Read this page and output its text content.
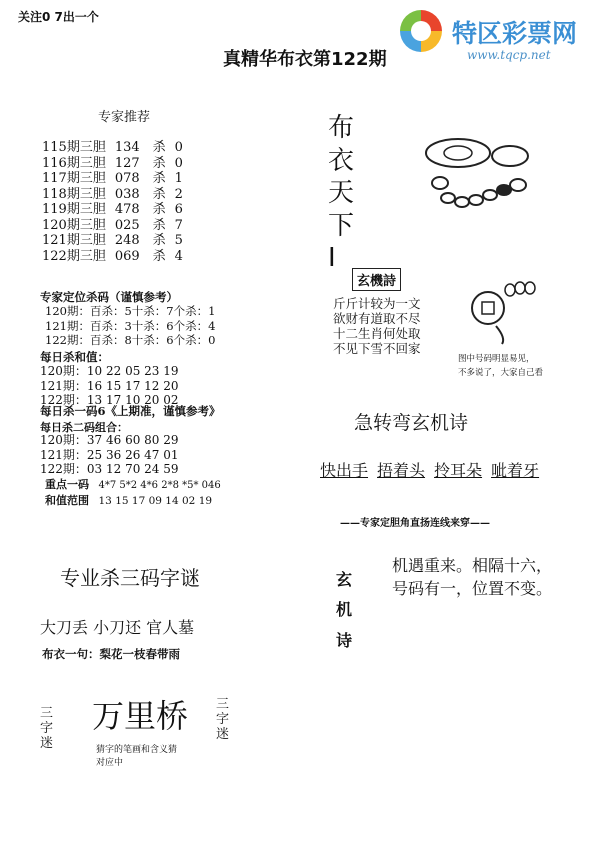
关注0 7出一个
真精华布衣第122期
特区彩票网
www.tqcp.net
专家推荐
115期三胆	134	杀	0
116期三胆	127	杀	0
117期三胆	078	杀	1
118期三胆	038	杀	2
119期三胆	478	杀	6
120期三胆	025	杀	7
121期三胆	248	杀	5
122期三胆	069	杀	4
专家定位杀码（谨慎参考）
120期：百杀：5十杀：7个杀：1
121期：百杀：3十杀：6个杀：4
122期：百杀：8十杀：6个杀：0
每日杀和值：
120期：10 22 05 23 19
121期：16 15 17 12 20
122期：13 17 10 20 02
每日杀一码6《上期准，谨慎参考》
每日杀二码组合：
120期：37 46 60 80 29
121期：25 36 26 47 01
122期：03 12 70 24 59
重点一码 4*7 5*2 4*6 2*8 *5* 046
和值范围 13 15 17 09 14 02 19
专业杀三码字谜
大刀丢 小刀还 官人墓
布衣一句：梨花一枝春带雨
三字迷
万里桥 三字迷
猜字的笔画和含义猜
对应中
布
衣
天
下
I
玄機詩
斤斤计较为一文
欲财有道取不尽
十二生肖何处取
不见下雪不回家
图中号码明显易见，
不多说了，大家自己看
急转弯玄机诗
快出手 捂着头 拎耳朵 呲着牙
——专家定胆角直扬连线来穿——
玄
机
诗
机遇重来。相隔十六，
号码有一，位置不变。
